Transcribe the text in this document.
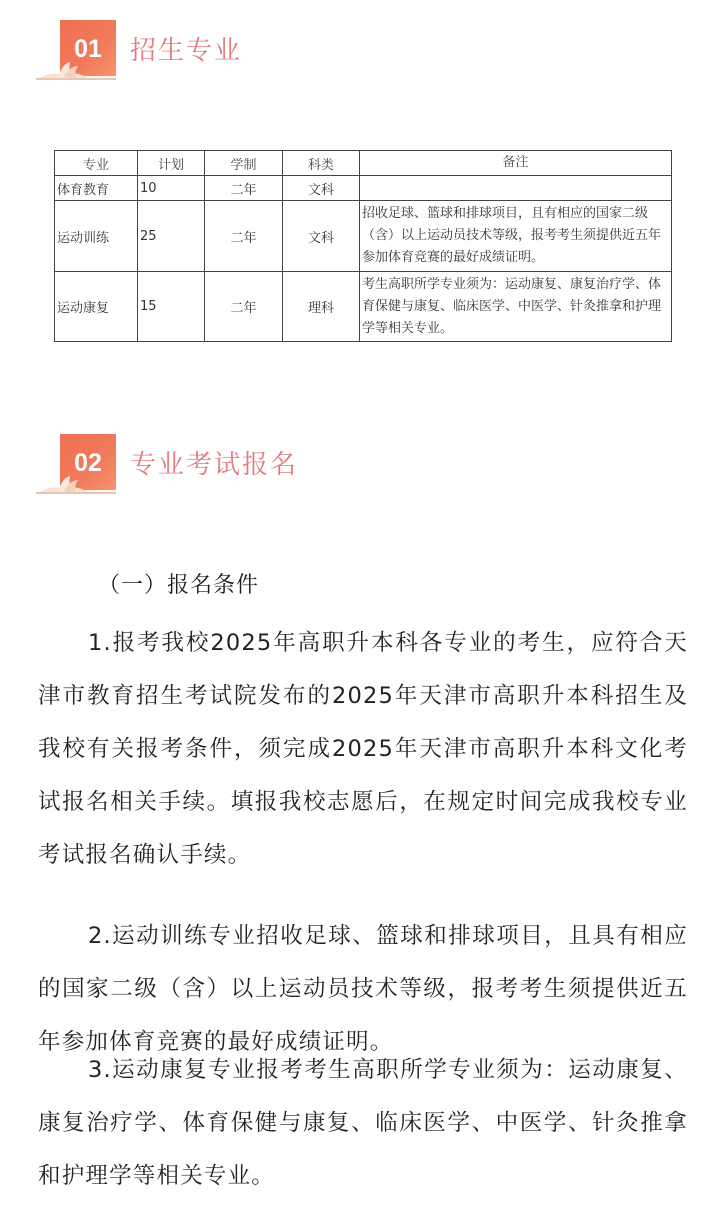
01 招生专业
专业	计划	学制	科类	备注
体育教育	10	二年	文科	
运动训练	25	二年	文科	招收足球、篮球和排球项目，且有相应的国家二级（含）以上运动员技术等级，报考考生须提供近五年参加体育竞赛的最好成绩证明。
运动康复	15	二年	理科	考生高职所学专业须为：运动康复、康复治疗学、体育保健与康复、临床医学、中医学、针灸推拿和护理学等相关专业。
02 专业考试报名
（一）报名条件

1.报考我校2025年高职升本科各专业的考生，应符合天津市教育招生考试院发布的2025年天津市高职升本科招生及我校有关报考条件，须完成2025年天津市高职升本科文化考试报名相关手续。填报我校志愿后，在规定时间完成我校专业考试报名确认手续。

2.运动训练专业招收足球、篮球和排球项目，且具有相应的国家二级（含）以上运动员技术等级，报考考生须提供近五年参加体育竞赛的最好成绩证明。

3.运动康复专业报考考生高职所学专业须为：运动康复、康复治疗学、体育保健与康复、临床医学、中医学、针灸推拿和护理学等相关专业。
